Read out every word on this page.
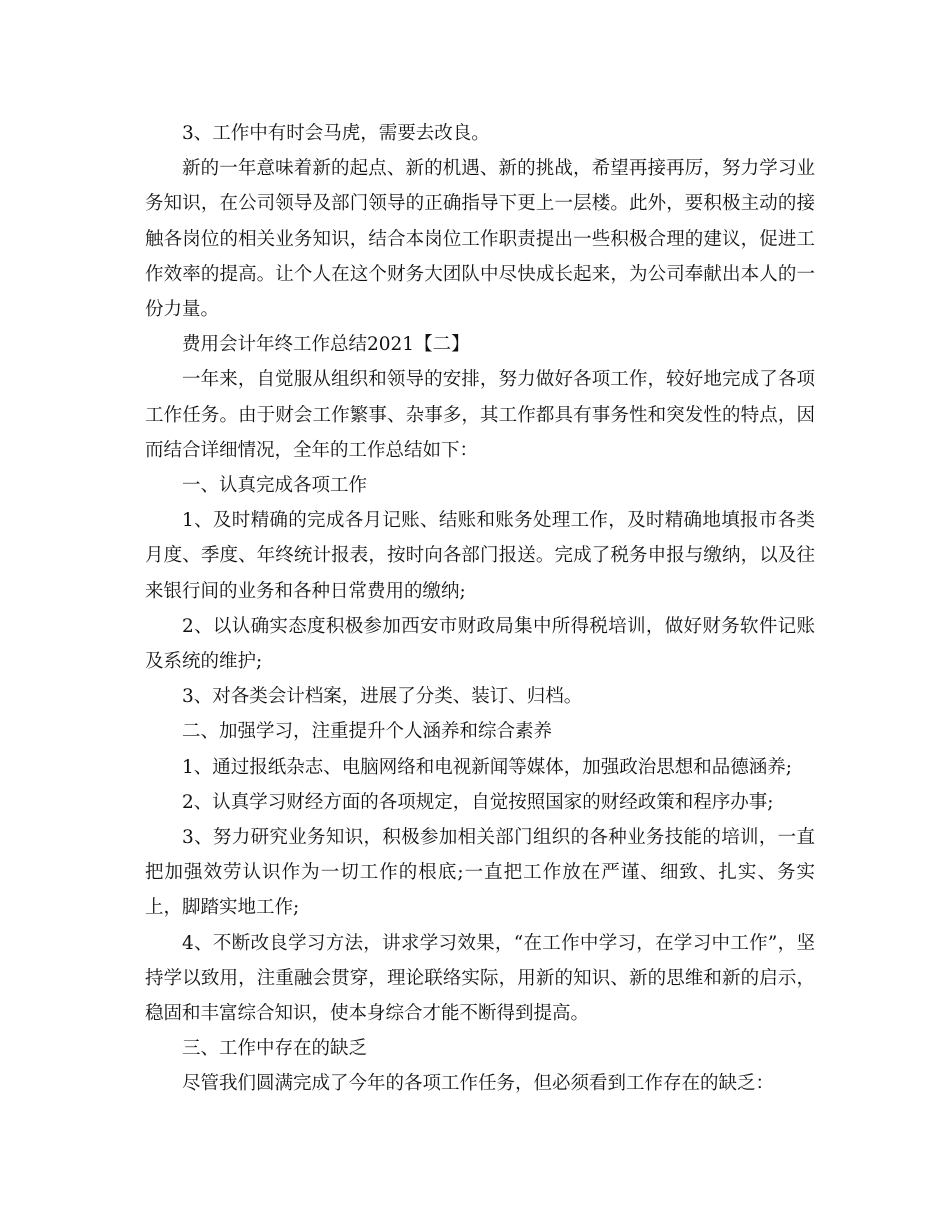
3、工作中有时会马虎，需要去改良。

新的一年意味着新的起点、新的机遇、新的挑战，希望再接再厉，努力学习业务知识，在公司领导及部门领导的正确指导下更上一层楼。此外，要积极主动的接触各岗位的相关业务知识，结合本岗位工作职责提出一些积极合理的建议，促进工作效率的提高。让个人在这个财务大团队中尽快成长起来，为公司奉献出本人的一份力量。

费用会计年终工作总结2021【二】

一年来，自觉服从组织和领导的安排，努力做好各项工作，较好地完成了各项工作任务。由于财会工作繁事、杂事多，其工作都具有事务性和突发性的特点，因而结合详细情况，全年的工作总结如下：

一、认真完成各项工作

1、及时精确的完成各月记账、结账和账务处理工作，及时精确地填报市各类月度、季度、年终统计报表，按时向各部门报送。完成了税务申报与缴纳，以及往来银行间的业务和各种日常费用的缴纳;

2、以认确实态度积极参加西安市财政局集中所得税培训，做好财务软件记账及系统的维护;

3、对各类会计档案，进展了分类、装订、归档。

二、加强学习，注重提升个人涵养和综合素养

1、通过报纸杂志、电脑网络和电视新闻等媒体，加强政治思想和品德涵养;

2、认真学习财经方面的各项规定，自觉按照国家的财经政策和程序办事;

3、努力研究业务知识，积极参加相关部门组织的各种业务技能的培训，一直把加强效劳认识作为一切工作的根底;一直把工作放在严谨、细致、扎实、务实上，脚踏实地工作;

4、不断改良学习方法，讲求学习效果，“在工作中学习，在学习中工作”，坚持学以致用，注重融会贯穿，理论联络实际，用新的知识、新的思维和新的启示，稳固和丰富综合知识，使本身综合才能不断得到提高。

三、工作中存在的缺乏

尽管我们圆满完成了今年的各项工作任务，但必须看到工作存在的缺乏：
